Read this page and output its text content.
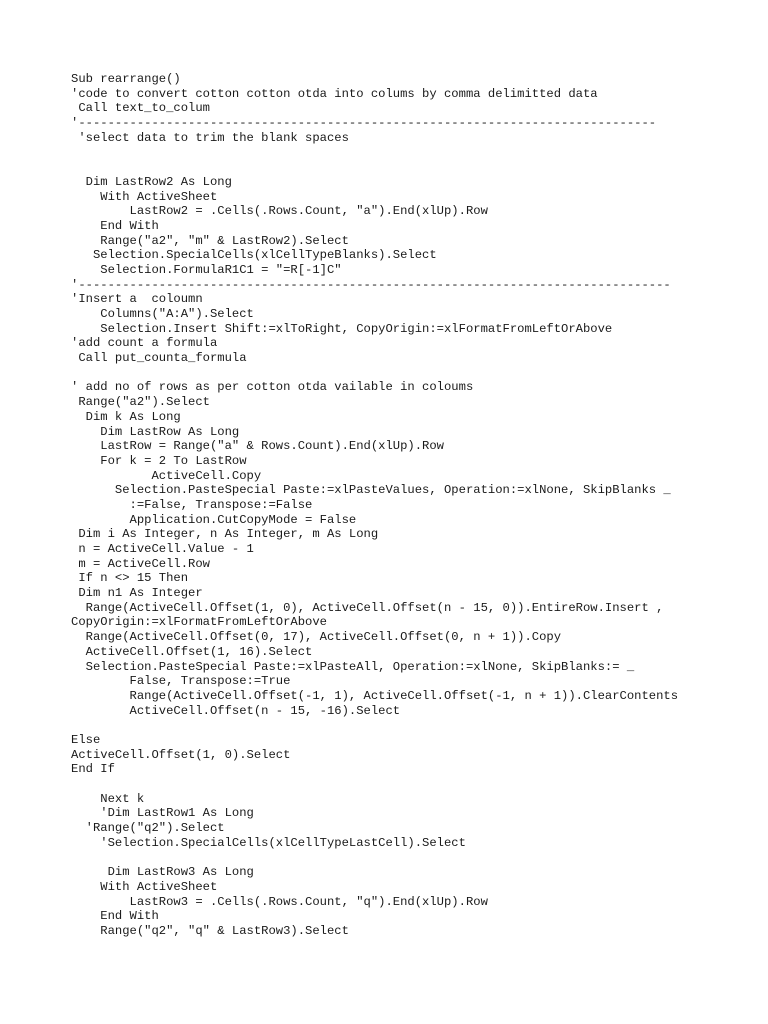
Sub rearrange()
'code to convert cotton cotton otda into colums by comma delimitted data
Call text_to_colum
'-------------------------------------------------------------------------------
'select data to trim the blank spaces
Dim LastRow2 As Long
With ActiveSheet
LastRow2 = .Cells(.Rows.Count, "a").End(xlUp).Row
End With
Range("a2", "m" & LastRow2).Select
Selection.SpecialCells(xlCellTypeBlanks).Select
Selection.FormulaR1C1 = "=R[-1]C"
'---------------------------------------------------------------------------------
'Insert a  coloumn
Columns("A:A").Select
Selection.Insert Shift:=xlToRight, CopyOrigin:=xlFormatFromLeftOrAbove
'add count a formula
Call put_counta_formula
' add no of rows as per cotton otda vailable in coloums
Range("a2").Select
Dim k As Long
Dim LastRow As Long
LastRow = Range("a" & Rows.Count).End(xlUp).Row
For k = 2 To LastRow
ActiveCell.Copy
Selection.PasteSpecial Paste:=xlPasteValues, Operation:=xlNone, SkipBlanks _
:=False, Transpose:=False
Application.CutCopyMode = False
Dim i As Integer, n As Integer, m As Long
n = ActiveCell.Value - 1
m = ActiveCell.Row
If n <> 15 Then
Dim n1 As Integer
Range(ActiveCell.Offset(1, 0), ActiveCell.Offset(n - 15, 0)).EntireRow.Insert ,
CopyOrigin:=xlFormatFromLeftOrAbove
Range(ActiveCell.Offset(0, 17), ActiveCell.Offset(0, n + 1)).Copy
ActiveCell.Offset(1, 16).Select
Selection.PasteSpecial Paste:=xlPasteAll, Operation:=xlNone, SkipBlanks:= _
False, Transpose:=True
Range(ActiveCell.Offset(-1, 1), ActiveCell.Offset(-1, n + 1)).ClearContents
ActiveCell.Offset(n - 15, -16).Select
Else
ActiveCell.Offset(1, 0).Select
End If
Next k
'Dim LastRow1 As Long
'Range("q2").Select
'Selection.SpecialCells(xlCellTypeLastCell).Select
Dim LastRow3 As Long
With ActiveSheet
LastRow3 = .Cells(.Rows.Count, "q").End(xlUp).Row
End With
Range("q2", "q" & LastRow3).Select
